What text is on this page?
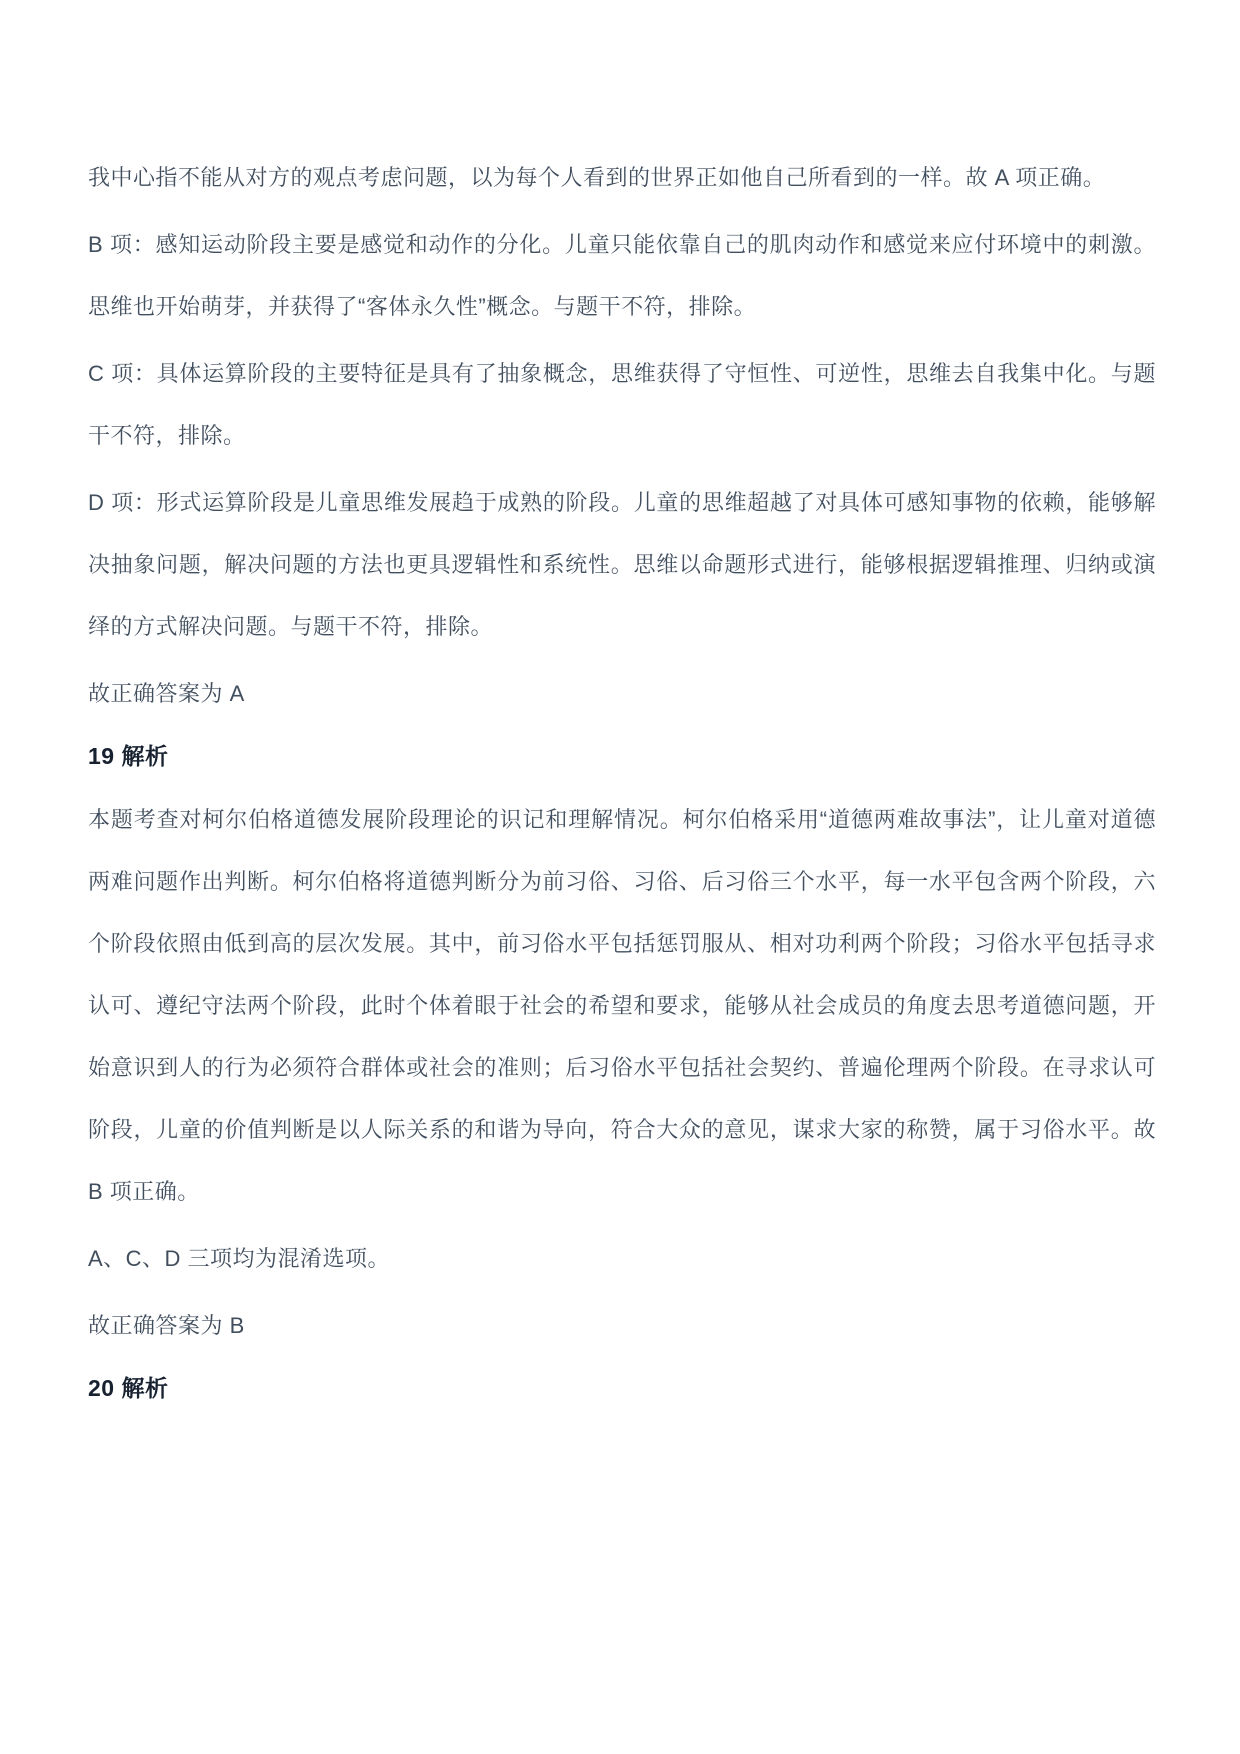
我中心指不能从对方的观点考虑问题，以为每个人看到的世界正如他自己所看到的一样。故 A 项正确。

B 项：感知运动阶段主要是感觉和动作的分化。儿童只能依靠自己的肌肉动作和感觉来应付环境中的刺激。思维也开始萌芽，并获得了“客体永久性”概念。与题干不符，排除。

C 项：具体运算阶段的主要特征是具有了抽象概念，思维获得了守恒性、可逆性，思维去自我集中化。与题干不符，排除。

D 项：形式运算阶段是儿童思维发展趋于成熟的阶段。儿童的思维超越了对具体可感知事物的依赖，能够解决抽象问题，解决问题的方法也更具逻辑性和系统性。思维以命题形式进行，能够根据逻辑推理、归纳或演绎的方式解决问题。与题干不符，排除。

故正确答案为 A

19 解析

本题考查对柯尔伯格道德发展阶段理论的识记和理解情况。柯尔伯格采用“道德两难故事法”，让儿童对道德两难问题作出判断。柯尔伯格将道德判断分为前习俗、习俗、后习俗三个水平，每一水平包含两个阶段，六个阶段依照由低到高的层次发展。其中，前习俗水平包括惩罚服从、相对功利两个阶段；习俗水平包括寻求认可、遵纪守法两个阶段，此时个体着眼于社会的希望和要求，能够从社会成员的角度去思考道德问题，开始意识到人的行为必须符合群体或社会的准则；后习俗水平包括社会契约、普遍伦理两个阶段。在寻求认可阶段，儿童的价值判断是以人际关系的和谐为导向，符合大众的意见，谋求大家的称赞，属于习俗水平。故 B 项正确。

A、C、D 三项均为混淆选项。

故正确答案为 B

20 解析
